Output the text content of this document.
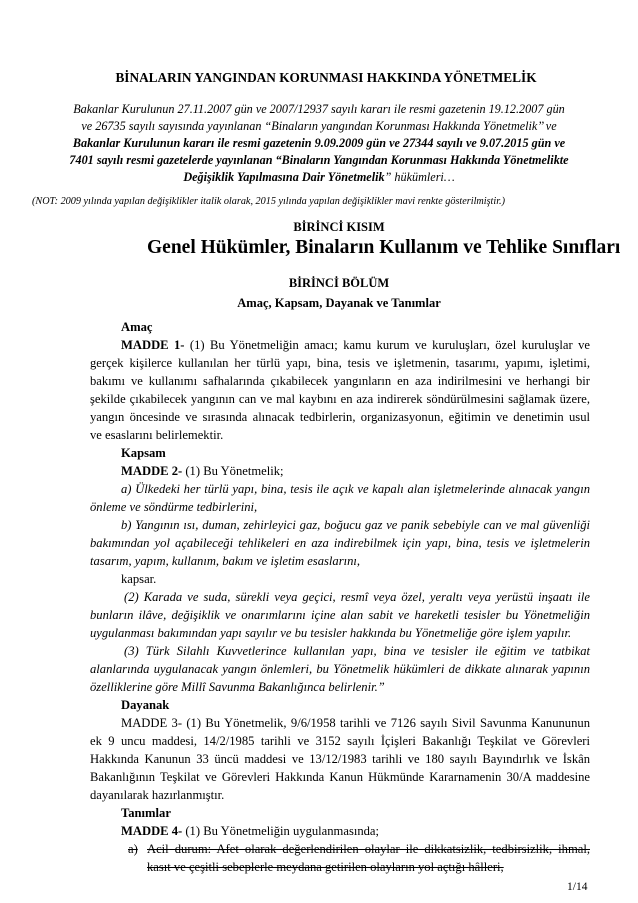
BİNALARIN YANGINDAN KORUNMASI HAKKINDA YÖNETMELİK

Bakanlar Kurulunun 27.11.2007 gün ve 2007/12937 sayılı kararı ile resmi gazetenin 19.12.2007 gün

ve 26735 sayılı sayısında yayınlanan “Binaların yangından Korunması Hakkında Yönetmelik’’ ve

Bakanlar Kurulunun kararı ile resmi gazetenin 9.09.2009 gün ve 27344 sayılı ve 9.07.2015 gün ve

7401 sayılı resmi gazetelerde yayınlanan “Binaların Yangından Korunması Hakkında Yönetmelikte

Değişiklik Yapılmasına Dair Yönetmelik” hükümleri…

(NOT: 2009 yılında yapılan değişiklikler italik olarak, 2015 yılında yapılan değişiklikler mavi renkte gösterilmiştir.)

BİRİNCİ KISIM

Genel Hükümler, Binaların Kullanım ve Tehlike Sınıfları

BİRİNCİ BÖLÜM

Amaç, Kapsam, Dayanak ve Tanımlar

Amaç

MADDE 1- (1) Bu Yönetmeliğin amacı; kamu kurum ve kuruluşları, özel kuruluşlar ve

gerçek kişilerce kullanılan her türlü yapı, bina, tesis ve işletmenin, tasarımı, yapımı, işletimi,

bakımı ve kullanımı safhalarında çıkabilecek yangınların en aza indirilmesini ve herhangi bir

şekilde çıkabilecek yangının can ve mal kaybını en aza indirerek söndürülmesini sağlamak üzere,

yangın öncesinde ve sırasında alınacak tedbirlerin, organizasyonun, eğitimin ve denetimin usul

ve esaslarını belirlemektir.

Kapsam

MADDE 2- (1) Bu Yönetmelik;

a) Ülkedeki her türlü yapı, bina, tesis ile açık ve kapalı alan işletmelerinde alınacak yangın

önleme ve söndürme tedbirlerini,

b) Yangının ısı, duman, zehirleyici gaz, boğucu gaz ve panik sebebiyle can ve mal güvenliği

bakımından yol açabileceği tehlikeleri en aza indirebilmek için yapı, bina, tesis ve işletmelerin

tasarım, yapım, kullanım, bakım ve işletim esaslarını,

kapsar.

(2) Karada ve suda, sürekli veya geçici, resmî veya özel, yeraltı veya yerüstü inşaatı ile

bunların ilâve, değişiklik ve onarımlarını içine alan sabit ve hareketli tesisler bu Yönetmeliğin

uygulanması bakımından yapı sayılır ve bu tesisler hakkında bu Yönetmeliğe göre işlem yapılır.

(3) Türk Silahlı Kuvvetlerince kullanılan yapı, bina ve tesisler ile eğitim ve tatbikat

alanlarında uygulanacak yangın önlemleri, bu Yönetmelik hükümleri de dikkate alınarak yapının

özelliklerine göre Millî Savunma Bakanlığınca belirlenir.”

Dayanak

MADDE 3- (1) Bu Yönetmelik, 9/6/1958 tarihli ve 7126 sayılı Sivil Savunma Kanununun

ek 9 uncu maddesi, 14/2/1985 tarihli ve 3152 sayılı İçişleri Bakanlığı Teşkilat ve Görevleri

Hakkında Kanunun 33 üncü maddesi ve 13/12/1983 tarihli ve 180 sayılı Bayındırlık ve İskân

Bakanlığının Teşkilat ve Görevleri Hakkında Kanun Hükmünde Kararnamenin 30/A maddesine

dayanılarak hazırlanmıştır.

Tanımlar

MADDE 4- (1) Bu Yönetmeliğin uygulanmasında;

a) Acil durum: Afet olarak değerlendirilen olaylar ile dikkatsizlik, tedbirsizlik, ihmal,

kasıt ve çeşitli sebeplerle meydana getirilen olayların yol açtığı hâlleri,

1/14
